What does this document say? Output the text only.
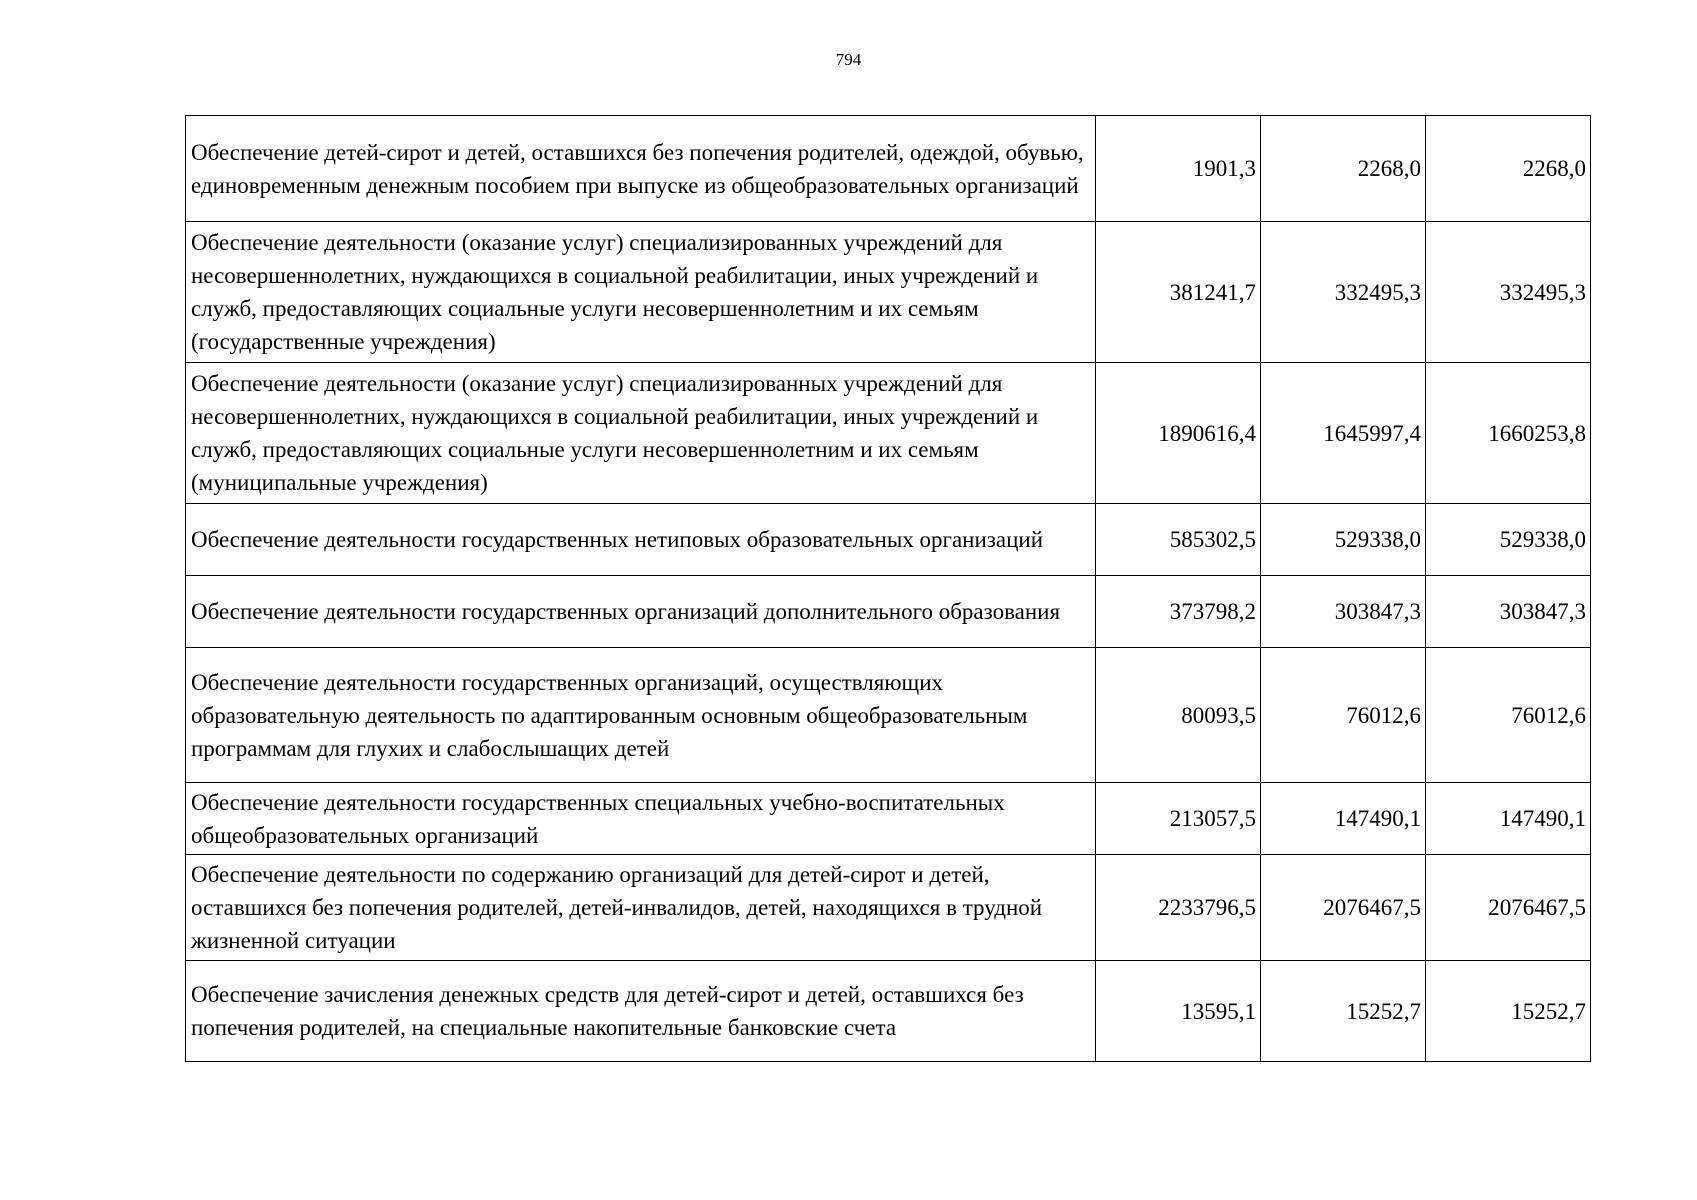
794
Обеспечение детей-сирот и детей, оставшихся без попечения родителей, одеждой, обувью, единовременным денежным пособием при выпуске из общеобразовательных организаций	1901,3	2268,0	2268,0
Обеспечение деятельности (оказание услуг) специализированных учреждений для несовершеннолетних, нуждающихся в социальной реабилитации, иных учреждений и служб, предоставляющих социальные услуги несовершеннолетним и их семьям (государственные учреждения)	381241,7	332495,3	332495,3
Обеспечение деятельности (оказание услуг) специализированных учреждений для несовершеннолетних, нуждающихся в социальной реабилитации, иных учреждений и служб, предоставляющих социальные услуги несовершеннолетним и их семьям (муниципальные учреждения)	1890616,4	1645997,4	1660253,8
Обеспечение деятельности государственных нетиповых образовательных организаций	585302,5	529338,0	529338,0
Обеспечение деятельности государственных организаций дополнительного образования	373798,2	303847,3	303847,3
Обеспечение деятельности государственных организаций, осуществляющих образовательную деятельность по адаптированным основным общеобразовательным программам для глухих и слабослышащих детей	80093,5	76012,6	76012,6
Обеспечение деятельности государственных специальных учебно-воспитательных общеобразовательных организаций	213057,5	147490,1	147490,1
Обеспечение деятельности по содержанию организаций для детей-сирот и детей, оставшихся без попечения родителей, детей-инвалидов, детей, находящихся в трудной жизненной ситуации	2233796,5	2076467,5	2076467,5
Обеспечение зачисления денежных средств для детей-сирот и детей, оставшихся без попечения родителей, на специальные накопительные банковские счета	13595,1	15252,7	15252,7
